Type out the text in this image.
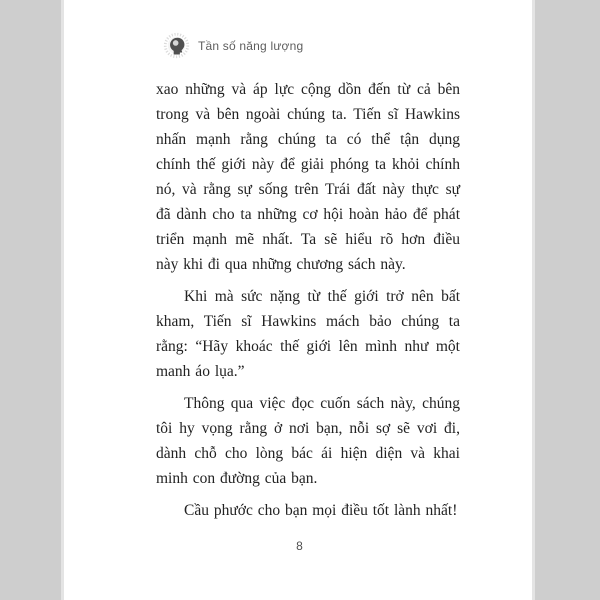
Tần số năng lượng
xao những và áp lực cộng dồn đến từ cả bên
trong và bên ngoài chúng ta. Tiến sĩ Hawkins
nhấn mạnh rằng chúng ta có thể tận dụng
chính thế giới này để giải phóng ta khỏi chính
nó, và rằng sự sống trên Trái đất này thực sự
đã dành cho ta những cơ hội hoàn hảo để phát
triển mạnh mẽ nhất. Ta sẽ hiểu rõ hơn điều
này khi đi qua những chương sách này.
Khi mà sức nặng từ thế giới trở nên bất
kham, Tiến sĩ Hawkins mách bảo chúng ta
rằng: “Hãy khoác thế giới lên mình như một
manh áo lụa.”
Thông qua việc đọc cuốn sách này, chúng
tôi hy vọng rằng ở nơi bạn, nỗi sợ sẽ vơi đi,
dành chỗ cho lòng bác ái hiện diện và khai
minh con đường của bạn.
Cầu phước cho bạn mọi điều tốt lành nhất!
8
